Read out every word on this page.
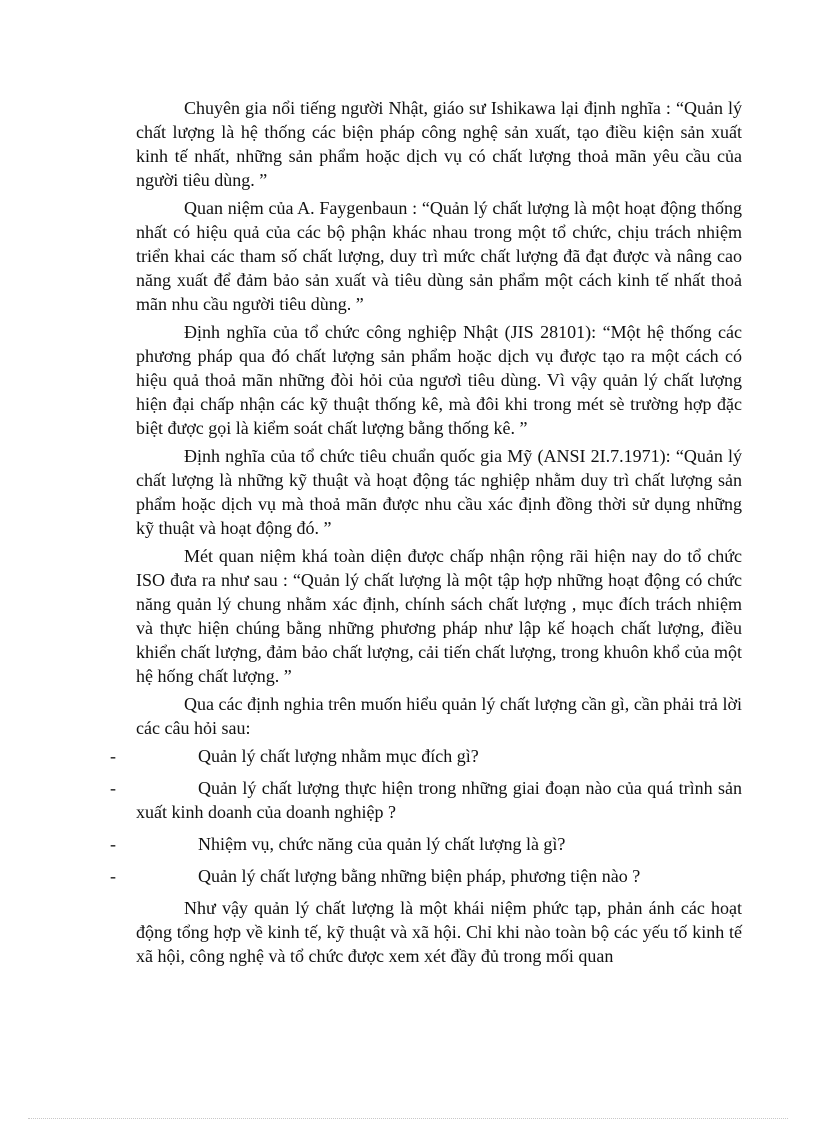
Chuyên gia nổi tiếng người Nhật, giáo sư Ishikawa lại định nghĩa : “Quản lý chất lượng là hệ thống các biện pháp công nghệ sản xuất, tạo điều kiện sản xuất kinh tế nhất, những sản phẩm hoặc dịch vụ có chất lượng thoả mãn yêu cầu của người tiêu dùng. ”

Quan niệm của A. Faygenbaun : “Quản lý chất lượng là một hoạt động thống nhất có hiệu quả của các bộ phận khác nhau trong một tổ chức, chịu trách nhiệm triển khai các tham số chất lượng, duy trì mức chất lượng đã đạt được và nâng cao năng xuất để đảm bảo sản xuất và tiêu dùng sản phẩm một cách kinh tế nhất thoả mãn nhu cầu người tiêu dùng. ”

Định nghĩa của tổ chức công nghiệp Nhật (JIS 28101): “Một hệ thống các phương pháp qua đó chất lượng sản phẩm hoặc dịch vụ được tạo ra một cách có hiệu quả thoả mãn những đòi hỏi của ngươì tiêu dùng. Vì vậy quản lý chất lượng hiện đại chấp nhận các kỹ thuật thống kê, mà đôi khi trong mét sè trường hợp đặc biệt được gọi là kiểm soát chất lượng bằng thống kê. ”

Định nghĩa của tổ chức tiêu chuẩn quốc gia Mỹ (ANSI 2I.7.1971): “Quản lý chất lượng là những kỹ thuật và hoạt động tác nghiệp nhằm duy trì chất lượng sản phẩm hoặc dịch vụ mà thoả mãn được nhu cầu xác định đồng thời sử dụng những kỹ thuật và hoạt động đó. ”

Mét quan niệm khá toàn diện được chấp nhận rộng rãi hiện nay do tổ chức ISO đưa ra như sau : “Quản lý chất lượng là một tập hợp những hoạt động có chức năng quản lý chung nhằm xác định, chính sách chất lượng , mục đích trách nhiệm và thực hiện chúng bằng những phương pháp như lập kế hoạch chất lượng, điều khiển chất lượng, đảm bảo chất lượng, cải tiến chất lượng, trong khuôn khổ của một hệ hống chất lượng. ”

Qua các định nghia trên muốn hiểu quản lý chất lượng cần gì, cần phải trả lời các câu hỏi sau:

-	Quản lý chất lượng nhằm mục đích gì?
-	Quản lý chất lượng thực hiện trong những giai đoạn nào của quá trình sản xuất kinh doanh của doanh nghiệp ?
-	Nhiệm vụ, chức năng của quản lý chất lượng là gì?
-	Quản lý chất lượng bằng những biện pháp, phương tiện nào ?

Như vậy quản lý chất lượng là một khái niệm phức tạp, phản ánh các hoạt động tổng hợp về kinh tế, kỹ thuật và xã hội. Chỉ khi nào toàn bộ các yếu tố kinh tế xã hội, công nghệ và tổ chức được xem xét đầy đủ trong mối quan
